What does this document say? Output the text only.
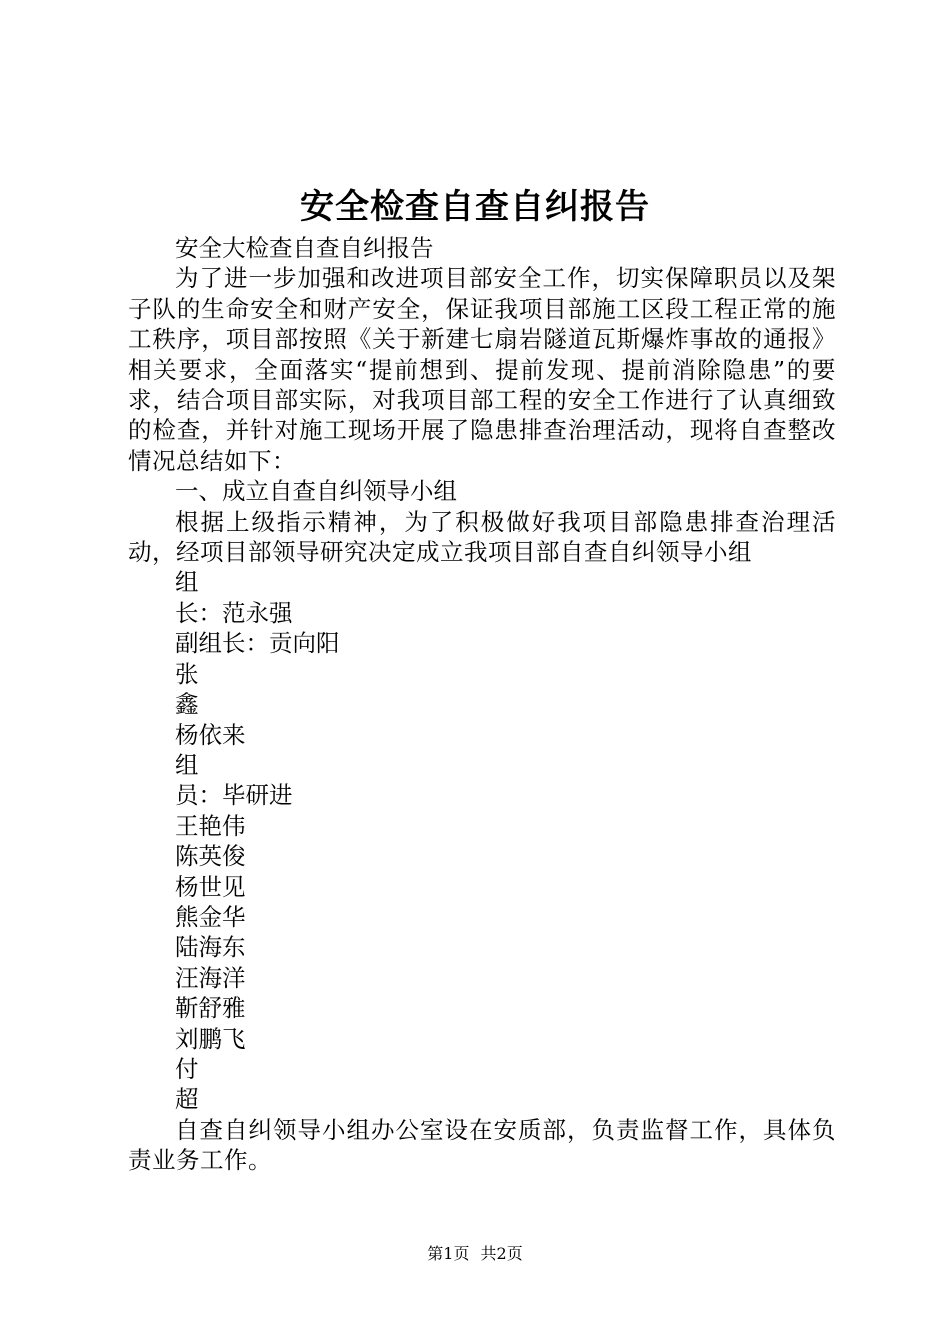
安全检查自查自纠报告

安全大检查自查自纠报告

为了进一步加强和改进项目部安全工作，切实保障职员以及架子队的生命安全和财产安全，保证我项目部施工区段工程正常的施工秩序，项目部按照《关于新建七扇岩隧道瓦斯爆炸事故的通报》相关要求，全面落实“提前想到、提前发现、提前消除隐患”的要求，结合项目部实际，对我项目部工程的安全工作进行了认真细致的检查，并针对施工现场开展了隐患排查治理活动，现将自查整改情况总结如下：

一、成立自查自纠领导小组

根据上级指示精神，为了积极做好我项目部隐患排查治理活动，经项目部领导研究决定成立我项目部自查自纠领导小组

组
长：范永强
副组长：贡向阳
张
鑫
杨依来
组
员：毕研进
王艳伟
陈英俊
杨世见
熊金华
陆海东
汪海洋
靳舒雅
刘鹏飞
付
超

自查自纠领导小组办公室设在安质部，负责监督工作，具体负责业务工作。

第1页 共2页
